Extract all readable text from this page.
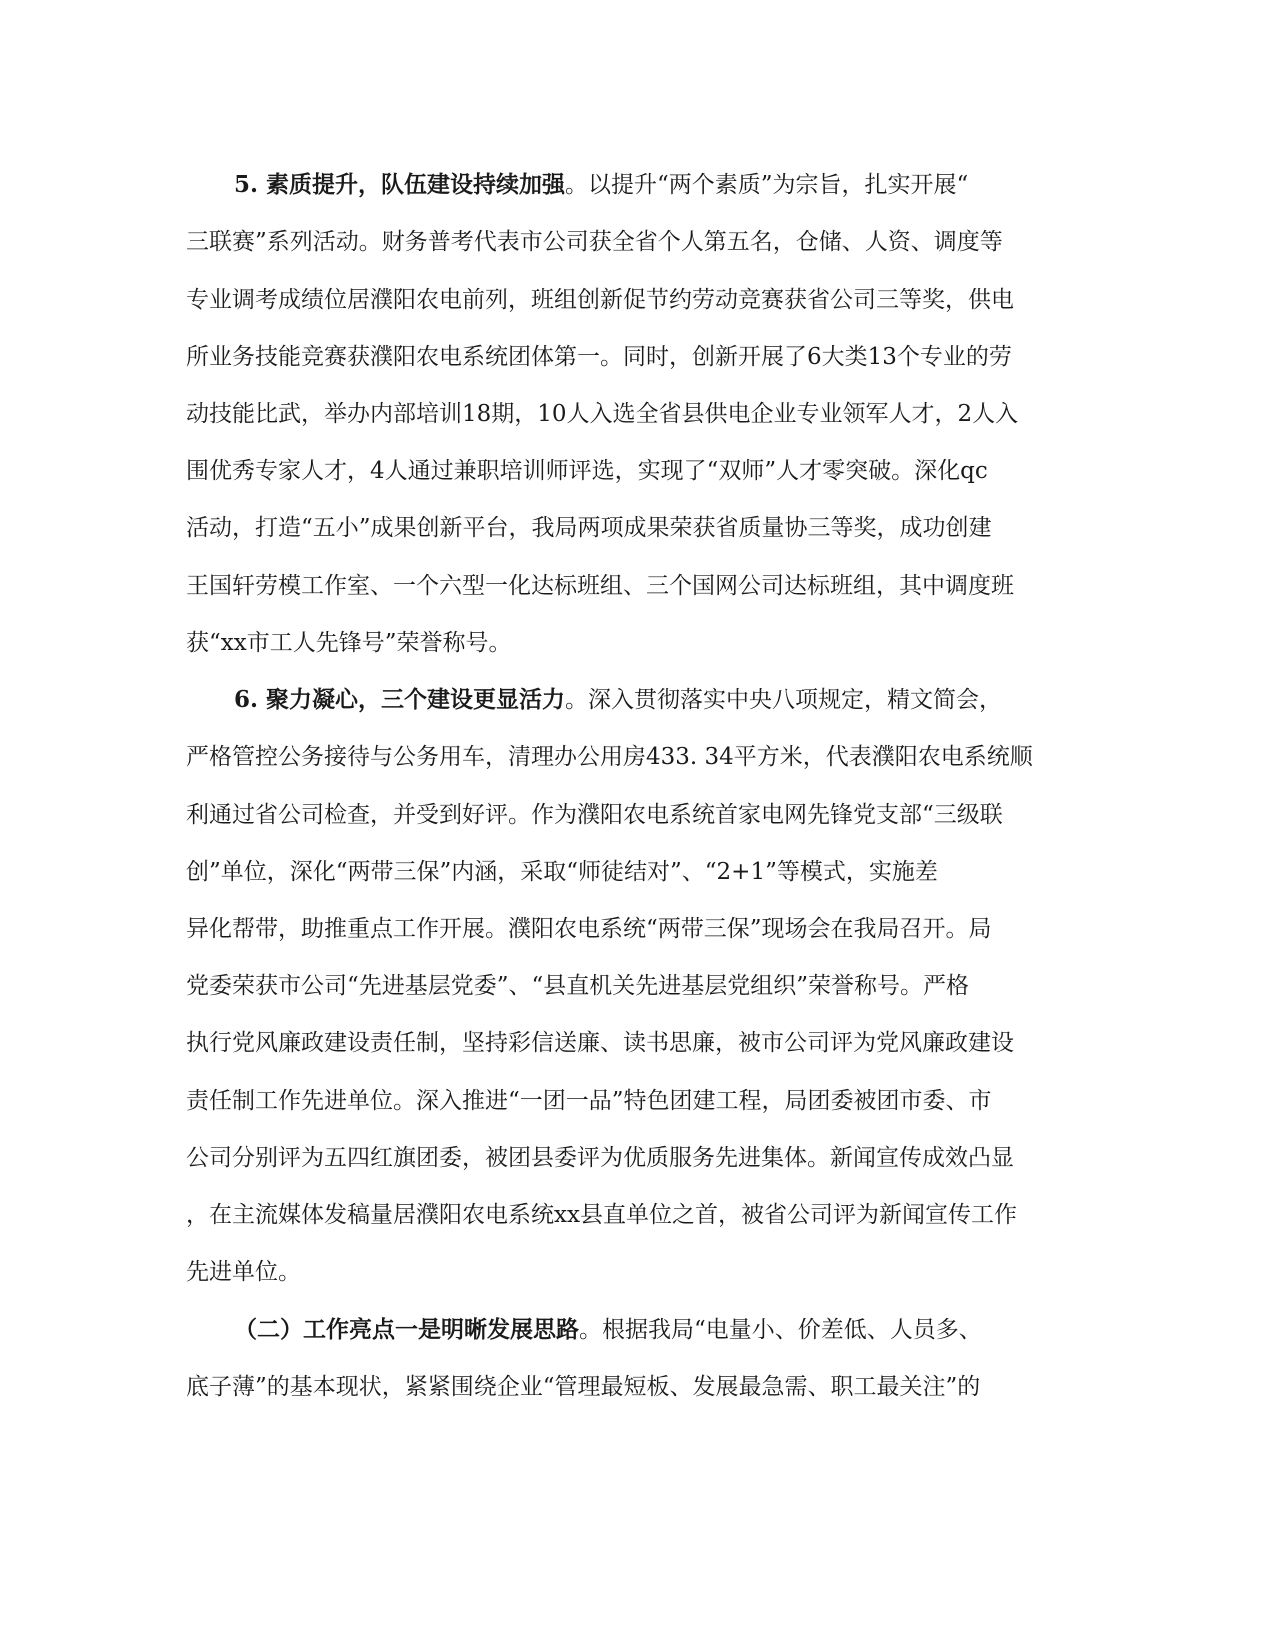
5. 素质提升，队伍建设持续加强。以提升“两个素质”为宗旨，扎实开展“
三联赛”系列活动。财务普考代表市公司获全省个人第五名，仓储、人资、调度等
专业调考成绩位居濮阳农电前列，班组创新促节约劳动竞赛获省公司三等奖，供电
所业务技能竞赛获濮阳农电系统团体第一。同时，创新开展了6大类13个专业的劳
动技能比武，举办内部培训18期，10人入选全省县供电企业专业领军人才，2人入
围优秀专家人才，4人通过兼职培训师评选，实现了“双师”人才零突破。深化qc
活动，打造“五小”成果创新平台，我局两项成果荣获省质量协三等奖，成功创建
王国轩劳模工作室、一个六型一化达标班组、三个国网公司达标班组，其中调度班
获“xx市工人先锋号”荣誉称号。
6. 聚力凝心，三个建设更显活力。深入贯彻落实中央八项规定，精文简会，
严格管控公务接待与公务用车，清理办公用房433. 34平方米，代表濮阳农电系统顺
利通过省公司检查，并受到好评。作为濮阳农电系统首家电网先锋党支部“三级联
创”单位，深化“两带三保”内涵，采取“师徒结对”、“2+1”等模式，实施差
异化帮带，助推重点工作开展。濮阳农电系统“两带三保”现场会在我局召开。局
党委荣获市公司“先进基层党委”、“县直机关先进基层党组织”荣誉称号。严格
执行党风廉政建设责任制，坚持彩信送廉、读书思廉，被市公司评为党风廉政建设
责任制工作先进单位。深入推进“一团一品”特色团建工程，局团委被团市委、市
公司分别评为五四红旗团委，被团县委评为优质服务先进集体。新闻宣传成效凸显
，在主流媒体发稿量居濮阳农电系统xx县直单位之首，被省公司评为新闻宣传工作
先进单位。
（二）工作亮点一是明晰发展思路。根据我局“电量小、价差低、人员多、
底子薄”的基本现状，紧紧围绕企业“管理最短板、发展最急需、职工最关注”的
